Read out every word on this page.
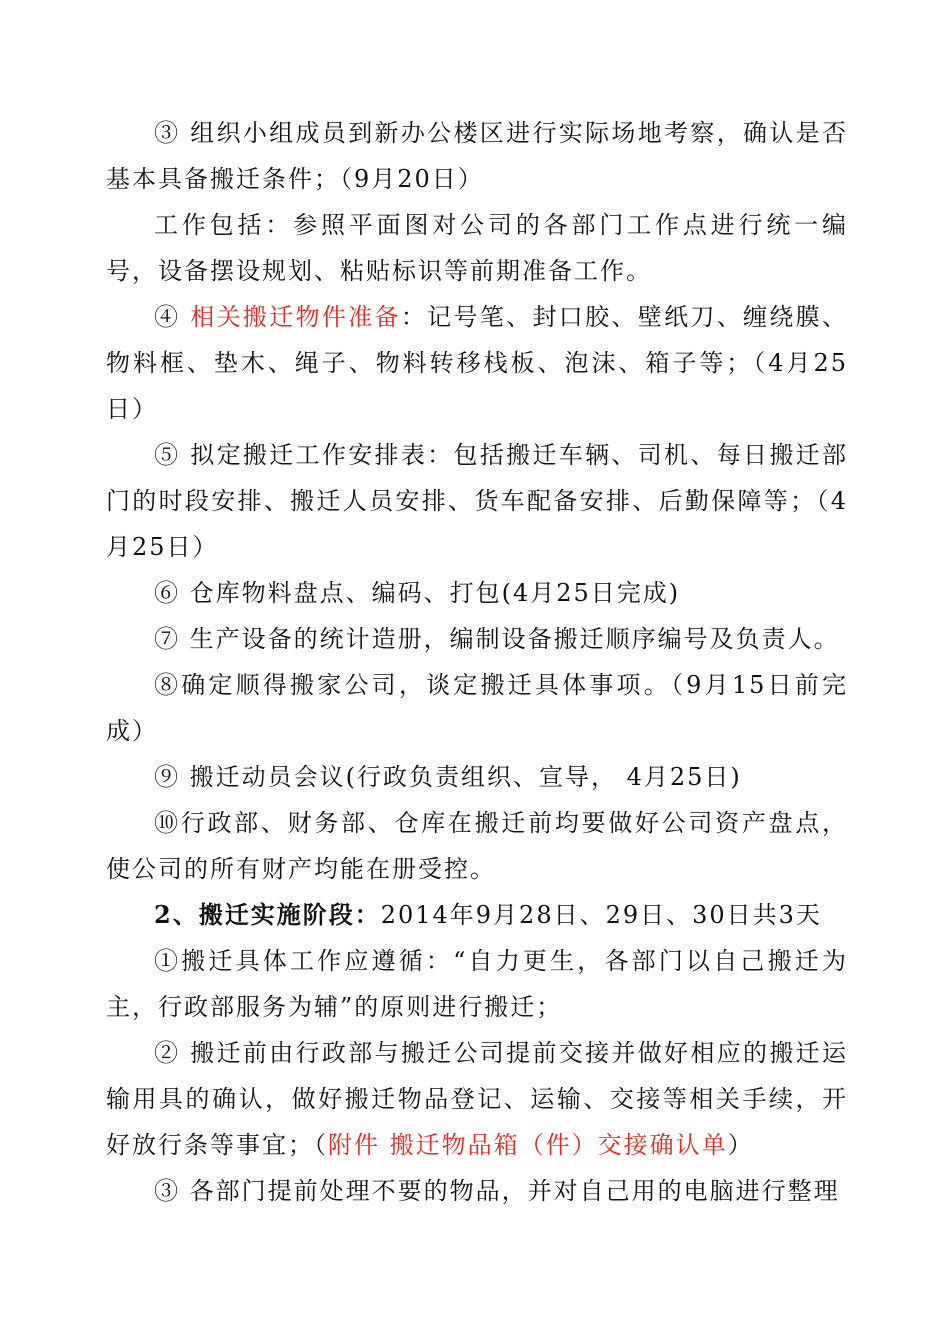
③ 组织小组成员到新办公楼区进行实际场地考察，确认是否基本具备搬迁条件；（9月20日）

工作包括：参照平面图对公司的各部门工作点进行统一编号，设备摆设规划、粘贴标识等前期准备工作。

④ 相关搬迁物件准备：记号笔、封口胶、壁纸刀、缠绕膜、物料框、垫木、绳子、物料转移栈板、泡沫、箱子等；（4月25日）

⑤ 拟定搬迁工作安排表：包括搬迁车辆、司机、每日搬迁部门的时段安排、搬迁人员安排、货车配备安排、后勤保障等；（4月25日）

⑥ 仓库物料盘点、编码、打包(4月25日完成)

⑦ 生产设备的统计造册，编制设备搬迁顺序编号及负责人。

⑧确定顺得搬家公司，谈定搬迁具体事项。（9月15日前完成）

⑨ 搬迁动员会议(行政负责组织、宣导， 4月25日)

⑩行政部、财务部、仓库在搬迁前均要做好公司资产盘点，使公司的所有财产均能在册受控。

2、搬迁实施阶段：2014年9月28日、29日、30日共3天

①搬迁具体工作应遵循：“自力更生，各部门以自己搬迁为主，行政部服务为辅”的原则进行搬迁；

② 搬迁前由行政部与搬迁公司提前交接并做好相应的搬迁运输用具的确认，做好搬迁物品登记、运输、交接等相关手续，开好放行条等事宜；（附件 搬迁物品箱（件）交接确认单）

③ 各部门提前处理不要的物品，并对自己用的电脑进行整理
